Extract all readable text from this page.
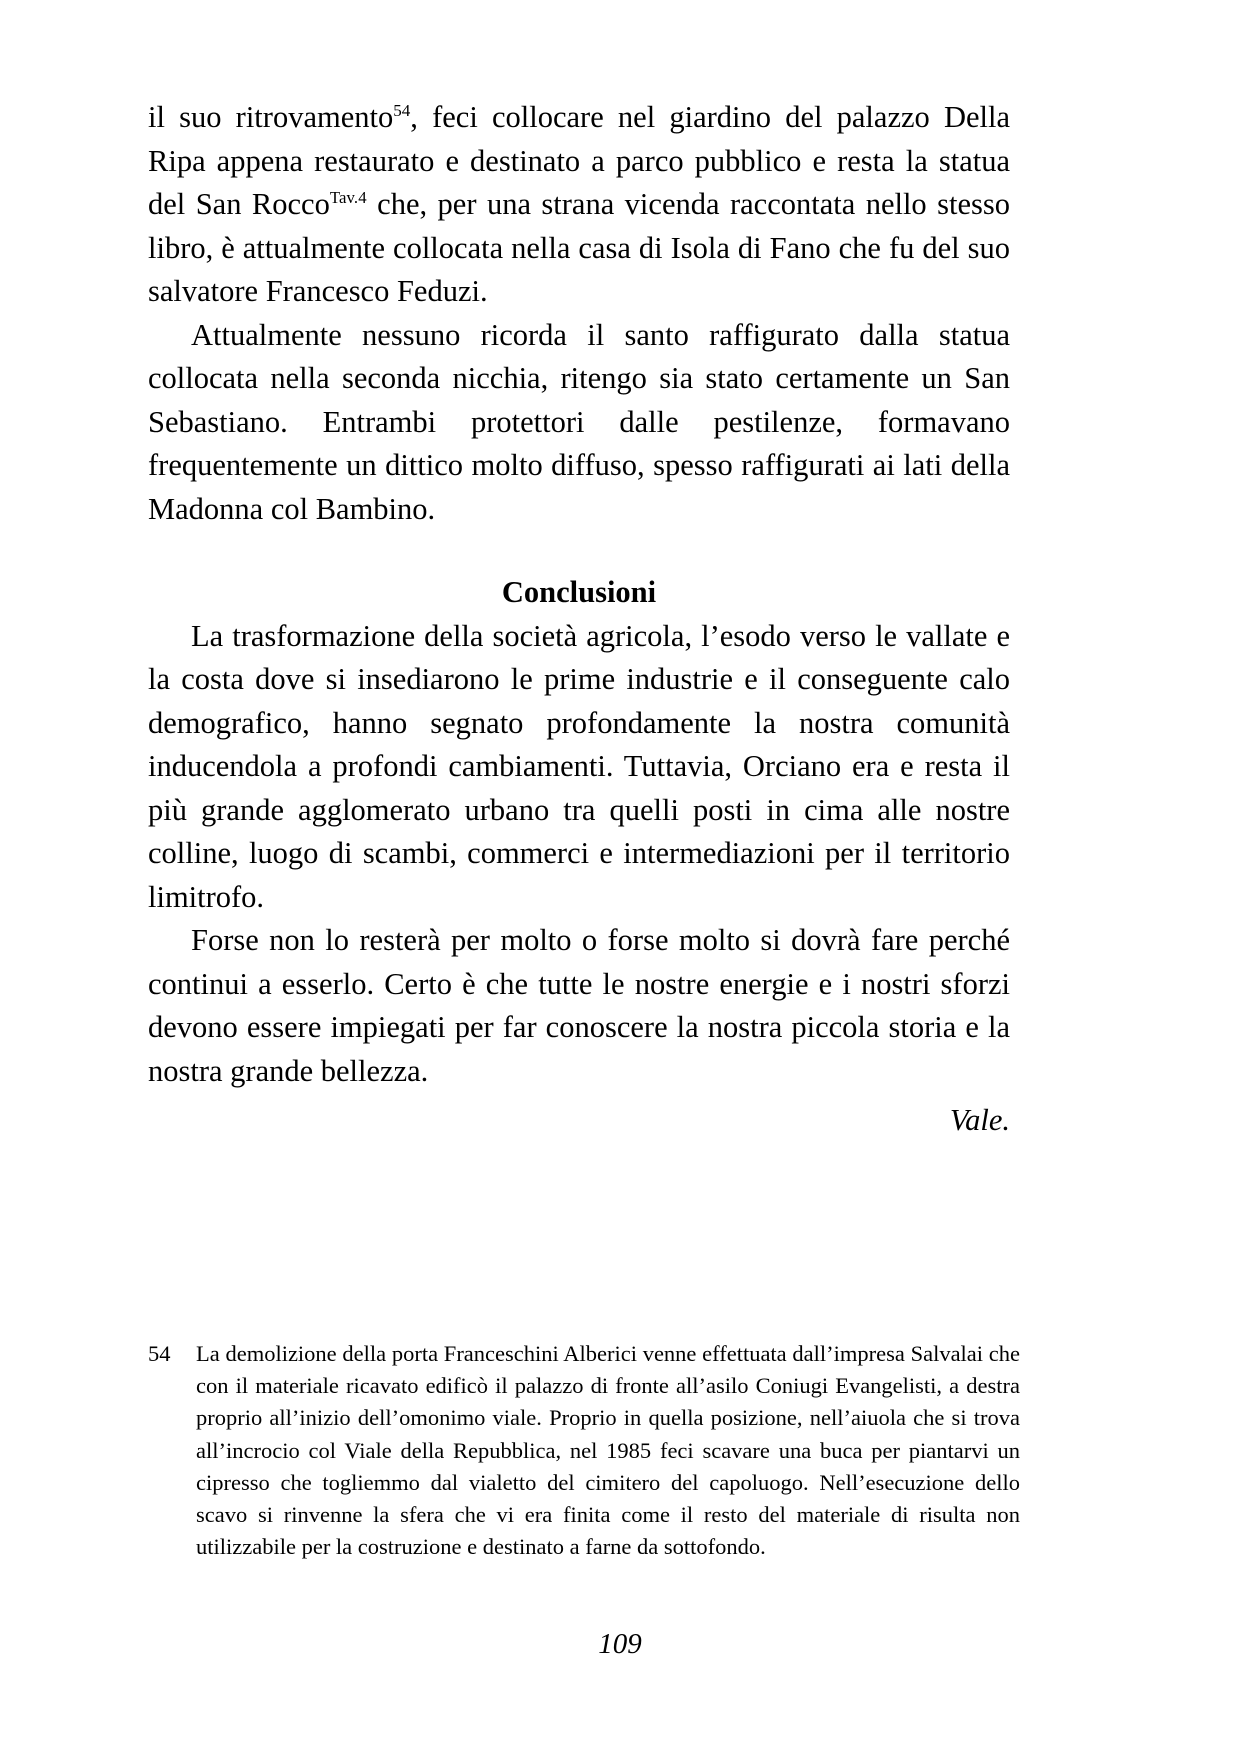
il suo ritrovamento$^{54}$, feci collocare nel giardino del palazzo Della Ripa appena restaurato e destinato a parco pubblico e resta la statua del San Rocco$^{Tav.4}$ che, per una strana vicenda raccontata nello stesso libro, è attualmente collocata nella casa di Isola di Fano che fu del suo salvatore Francesco Feduzi.

Attualmente nessuno ricorda il santo raffigurato dalla statua collocata nella seconda nicchia, ritengo sia stato certamente un San Sebastiano. Entrambi protettori dalle pestilenze, formavano frequentemente un dittico molto diffuso, spesso raffigurati ai lati della Madonna col Bambino.

Conclusioni

La trasformazione della società agricola, l’esodo verso le vallate e la costa dove si insediarono le prime industrie e il conseguente calo demografico, hanno segnato profondamente la nostra comunità inducendola a profondi cambiamenti. Tuttavia, Orciano era e resta il più grande agglomerato urbano tra quelli posti in cima alle nostre colline, luogo di scambi, commerci e intermediazioni per il territorio limitrofo.

Forse non lo resterà per molto o forse molto si dovrà fare perché continui a esserlo. Certo è che tutte le nostre energie e i nostri sforzi devono essere impiegati per far conoscere la nostra piccola storia e la nostra grande bellezza.

Vale.

54	La demolizione della porta Franceschini Alberici venne effettuata dall’impresa Salvalai che con il materiale ricavato edificò il palazzo di fronte all’asilo Coniugi Evangelisti, a destra proprio all’inizio dell’omonimo viale. Proprio in quella posizione, nell’aiuola che si trova all’incrocio col Viale della Repubblica, nel 1985 feci scavare una buca per piantarvi un cipresso che togliemmo dal vialetto del cimitero del capoluogo. Nell’esecuzione dello scavo si rinvenne la sfera che vi era finita come il resto del materiale di risulta non utilizzabile per la costruzione e destinato a farne da sottofondo.
109
